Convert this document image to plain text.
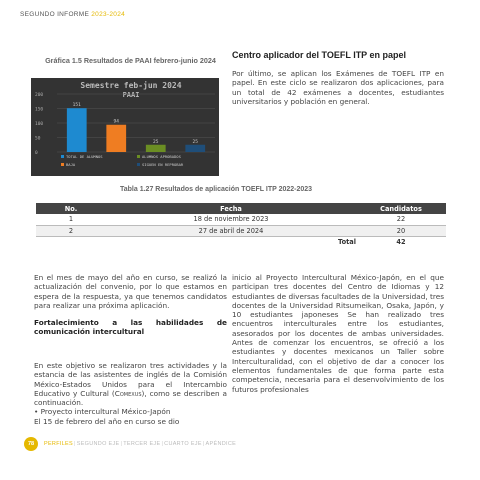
SEGUNDO INFORME 2023-2024
Gráfica 1.5 Resultados de PAAI febrero-junio 2024
Semestre feb-jun 2024
PAAI
0
50
100
150
200
151
94
25	25
TOTAL DE ALUMNOS
BAJA
ALUMNOS APROBADOS
SIGUEN EN REPROBAR
Centro aplicador del TOEFL ITP en papel
Por último, se aplican los Exámenes de TOEFL ITP en papel. En este ciclo se realizaron dos aplicaciones, para un total de 42 exámenes a docentes, estudiantes universitarios y población en general.
Tabla 1.27 Resultados de aplicación TOEFL ITP 2022-2023
No.	Fecha	Candidatos
1	18 de noviembre 2023	22
2	27 de abril de 2024	20
	Total	42
En el mes de mayo del año en curso, se realizó la actualización del convenio, por lo que estamos en espera de la respuesta, ya que tenemos candidatos para realizar una próxima aplicación.
Fortalecimiento a las habilidades de comunicación intercultural
En este objetivo se realizaron tres actividades y la estancia de las asistentes de inglés de la Comisión México-Estados Unidos para el Intercambio Educativo y Cultural (Comexus), como se describen a continuación.
• Proyecto intercultural México-Japón
El 15 de febrero del año en curso se dio
inicio al Proyecto Intercultural México-Japón, en el que participan tres docentes del Centro de Idiomas y 12 estudiantes de diversas facultades de la Universidad, tres docentes de la Universidad Ritsumeikan, Osaka, Japón, y 10 estudiantes japoneses Se han realizado tres encuentros interculturales entre los estudiantes, asesorados por los docentes de ambas universidades. Antes de comenzar los encuentros, se ofreció a los estudiantes y docentes mexicanos un Taller sobre Interculturalidad, con el objetivo de dar a conocer los elementos fundamentales de que forma parte esta competencia, necesaria para el desenvolvimiento de los futuros profesionales
78	PERFILES|SEGUNDO EJE|TERCER EJE|CUARTO EJE|APÉNDICE
